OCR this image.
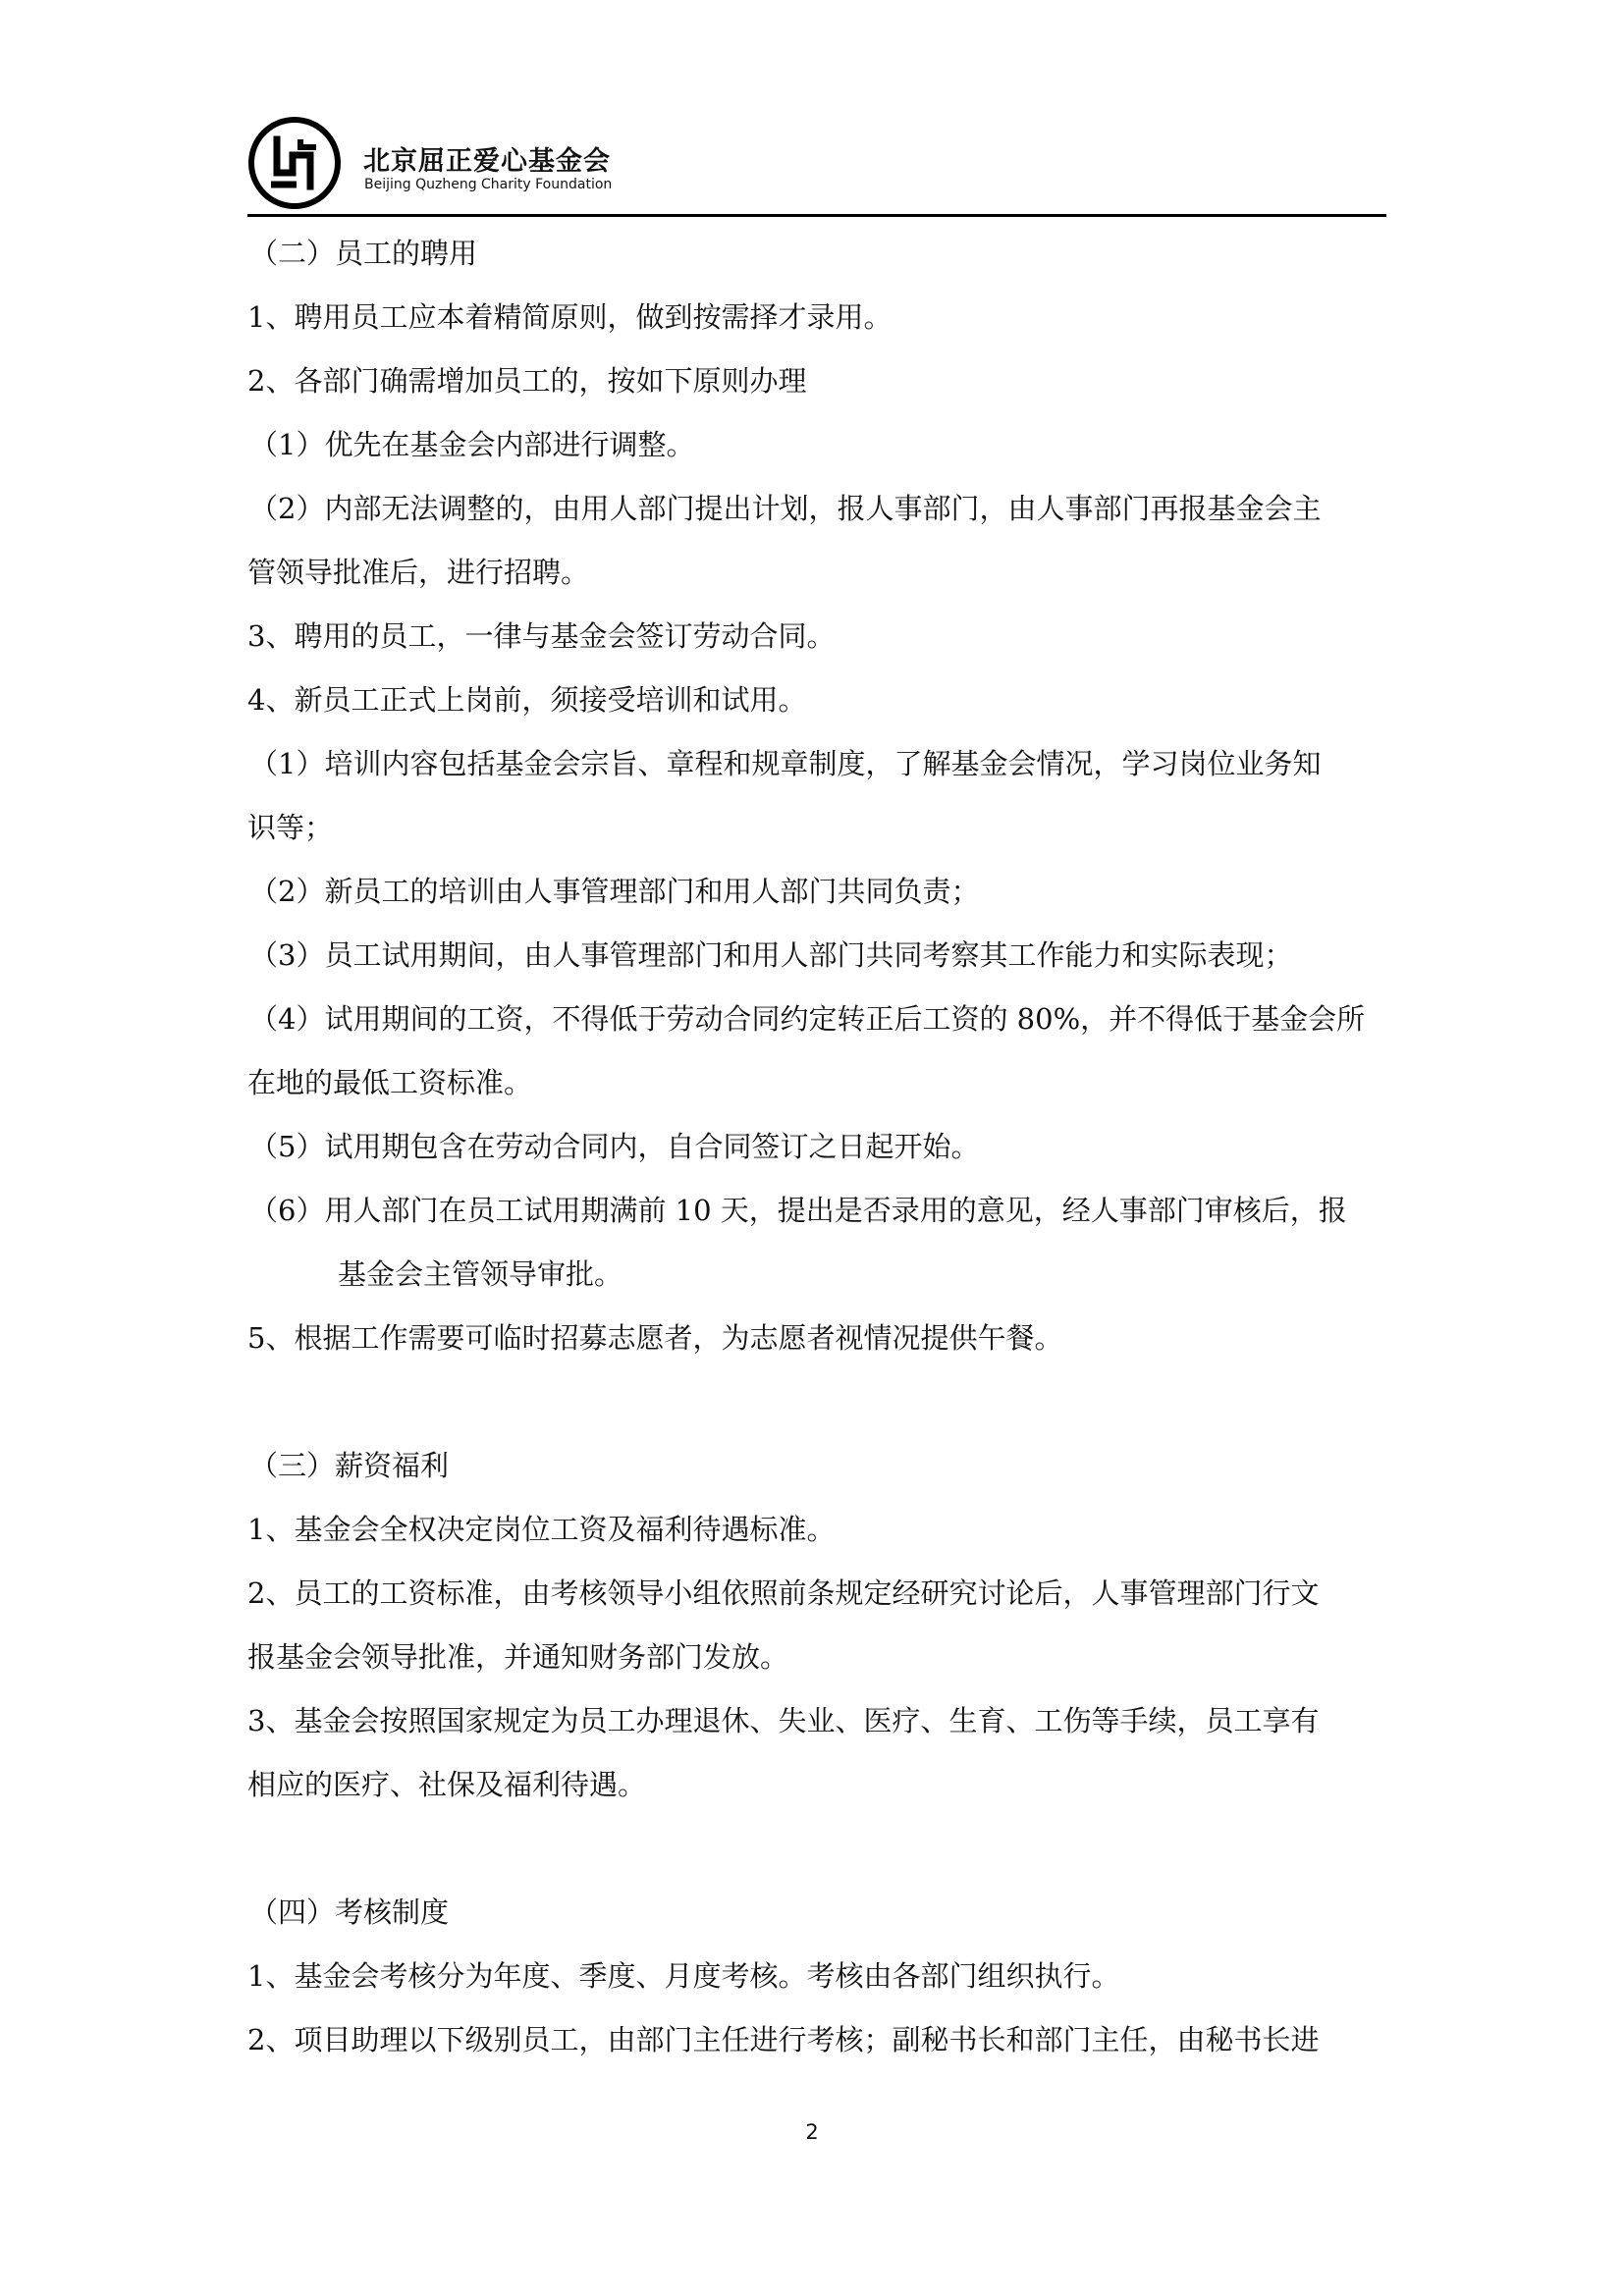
北京屈正爱心基金会
Beijing Quzheng Charity Foundation

（二）员工的聘用

1、聘用员工应本着精简原则，做到按需择才录用。

2、各部门确需增加员工的，按如下原则办理

（1）优先在基金会内部进行调整。

（2）内部无法调整的，由用人部门提出计划，报人事部门，由人事部门再报基金会主

管领导批准后，进行招聘。

3、聘用的员工，一律与基金会签订劳动合同。

4、新员工正式上岗前，须接受培训和试用。

（1）培训内容包括基金会宗旨、章程和规章制度，了解基金会情况，学习岗位业务知

识等；

（2）新员工的培训由人事管理部门和用人部门共同负责；

（3）员工试用期间，由人事管理部门和用人部门共同考察其工作能力和实际表现；

（4）试用期间的工资，不得低于劳动合同约定转正后工资的 80%，并不得低于基金会所

在地的最低工资标准。

（5）试用期包含在劳动合同内，自合同签订之日起开始。

（6）用人部门在员工试用期满前 10 天，提出是否录用的意见，经人事部门审核后，报

基金会主管领导审批。

5、根据工作需要可临时招募志愿者，为志愿者视情况提供午餐。

（三）薪资福利

1、基金会全权决定岗位工资及福利待遇标准。

2、员工的工资标准，由考核领导小组依照前条规定经研究讨论后，人事管理部门行文

报基金会领导批准，并通知财务部门发放。

3、基金会按照国家规定为员工办理退休、失业、医疗、生育、工伤等手续，员工享有

相应的医疗、社保及福利待遇。

（四）考核制度

1、基金会考核分为年度、季度、月度考核。考核由各部门组织执行。

2、项目助理以下级别员工，由部门主任进行考核；副秘书长和部门主任，由秘书长进

2
